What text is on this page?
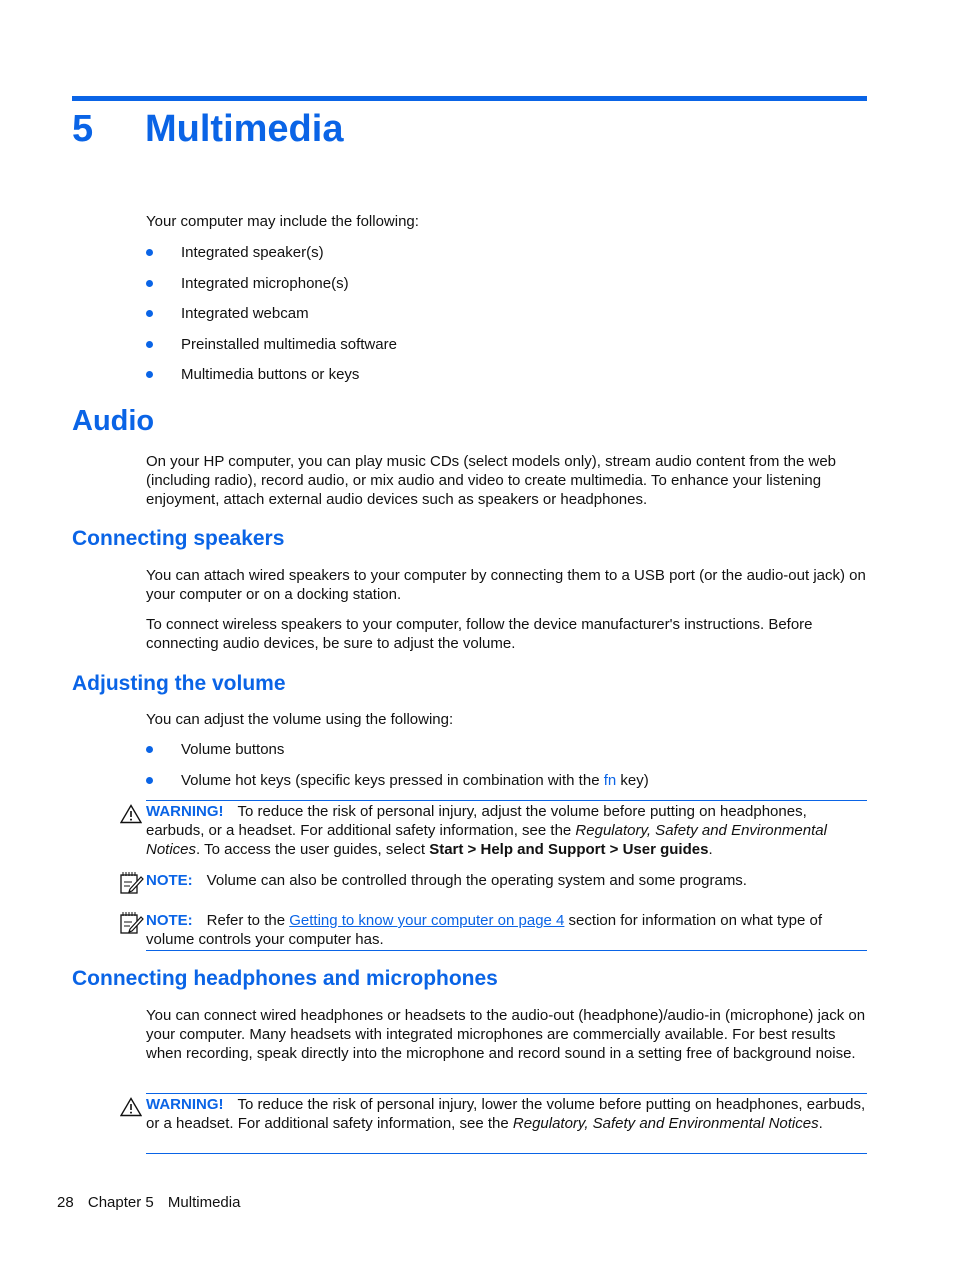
5 Multimedia
Your computer may include the following:
Integrated speaker(s)
Integrated microphone(s)
Integrated webcam
Preinstalled multimedia software
Multimedia buttons or keys
Audio
On your HP computer, you can play music CDs (select models only), stream audio content from the web (including radio), record audio, or mix audio and video to create multimedia. To enhance your listening enjoyment, attach external audio devices such as speakers or headphones.
Connecting speakers
You can attach wired speakers to your computer by connecting them to a USB port (or the audio-out jack) on your computer or on a docking station.
To connect wireless speakers to your computer, follow the device manufacturer's instructions. Before connecting audio devices, be sure to adjust the volume.
Adjusting the volume
You can adjust the volume using the following:
Volume buttons
Volume hot keys (specific keys pressed in combination with the fn key)
WARNING! To reduce the risk of personal injury, adjust the volume before putting on headphones, earbuds, or a headset. For additional safety information, see the Regulatory, Safety and Environmental Notices. To access the user guides, select Start > Help and Support > User guides.
NOTE: Volume can also be controlled through the operating system and some programs.
NOTE: Refer to the Getting to know your computer on page 4 section for information on what type of volume controls your computer has.
Connecting headphones and microphones
You can connect wired headphones or headsets to the audio-out (headphone)/audio-in (microphone) jack on your computer. Many headsets with integrated microphones are commercially available. For best results when recording, speak directly into the microphone and record sound in a setting free of background noise.
WARNING! To reduce the risk of personal injury, lower the volume before putting on headphones, earbuds, or a headset. For additional safety information, see the Regulatory, Safety and Environmental Notices.
28 Chapter 5 Multimedia
